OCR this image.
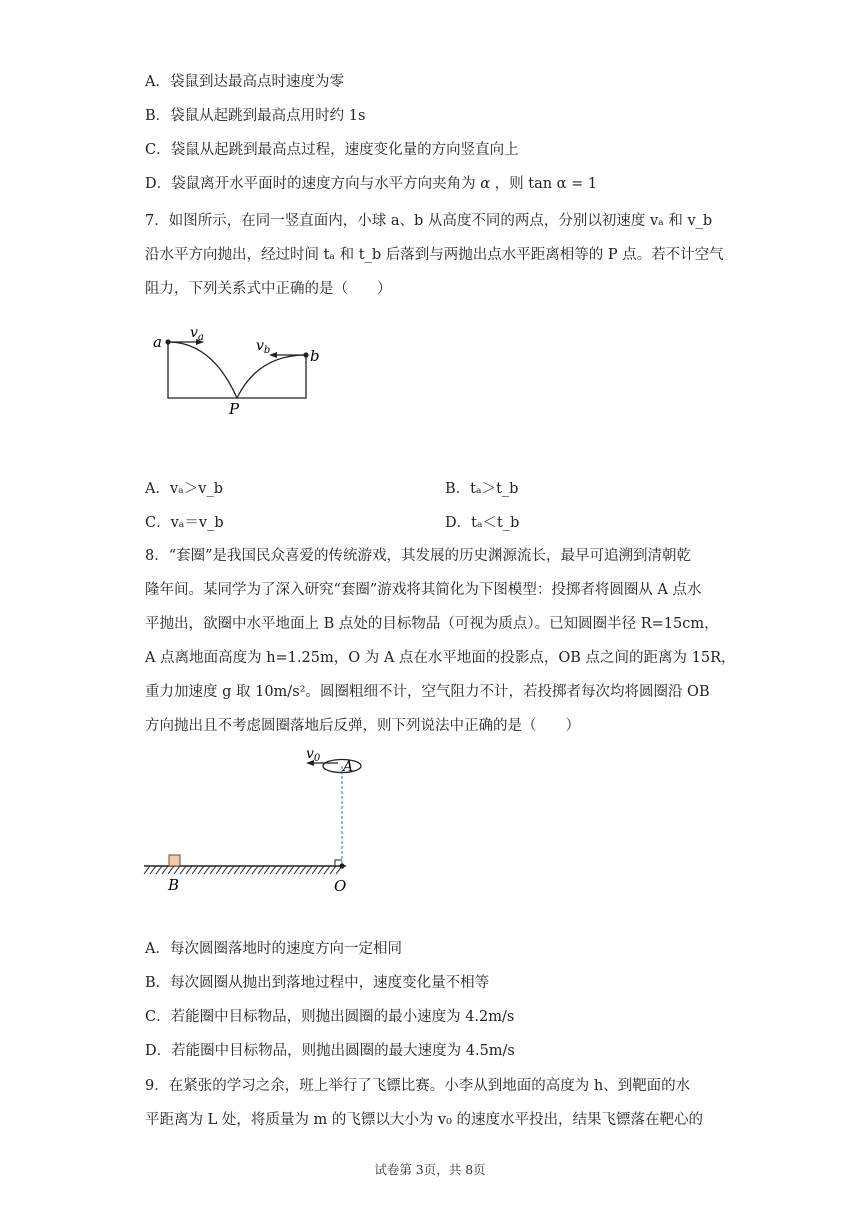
A．袋鼠到达最高点时速度为零
B．袋鼠从起跳到最高点用时约 1s
C．袋鼠从起跳到最高点过程，速度变化量的方向竖直向上
D．袋鼠离开水平面时的速度方向与水平方向夹角为 α ，则 tan α = 1
7．如图所示，在同一竖直面内，小球 a、b 从高度不同的两点，分别以初速度 vₐ 和 v_b
沿水平方向抛出，经过时间 tₐ 和 t_b 后落到与两抛出点水平距离相等的 P 点。若不计空气
阻力，下列关系式中正确的是（　　）
a
b
P
$v_a$
$v_b$
A．vₐ＞v_b	B．tₐ＞t_b
C．vₐ＝v_b	D．tₐ＜t_b
8．“套圈”是我国民众喜爱的传统游戏，其发展的历史渊源流长，最早可追溯到清朝乾
隆年间。某同学为了深入研究“套圈”游戏将其简化为下图模型：投掷者将圆圈从 A 点水
平抛出，欲圈中水平地面上 B 点处的目标物品（可视为质点）。已知圆圈半径 R=15cm，
A 点离地面高度为 h=1.25m，O 为 A 点在水平地面的投影点，OB 点之间的距离为 15R，
重力加速度 g 取 10m/s²。圆圈粗细不计，空气阻力不计，若投掷者每次均将圆圈沿 OB
方向抛出且不考虑圆圈落地后反弹，则下列说法中正确的是（　　）
$v_0$
A
B	O
A．每次圆圈落地时的速度方向一定相同
B．每次圆圈从抛出到落地过程中，速度变化量不相等
C．若能圈中目标物品，则抛出圆圈的最小速度为 4.2m/s
D．若能圈中目标物品，则抛出圆圈的最大速度为 4.5m/s
9．在紧张的学习之余，班上举行了飞镖比赛。小李从到地面的高度为 h、到靶面的水
平距离为 L 处，将质量为 m 的飞镖以大小为 v₀ 的速度水平投出，结果飞镖落在靶心的
试卷第 3页，共 8页
